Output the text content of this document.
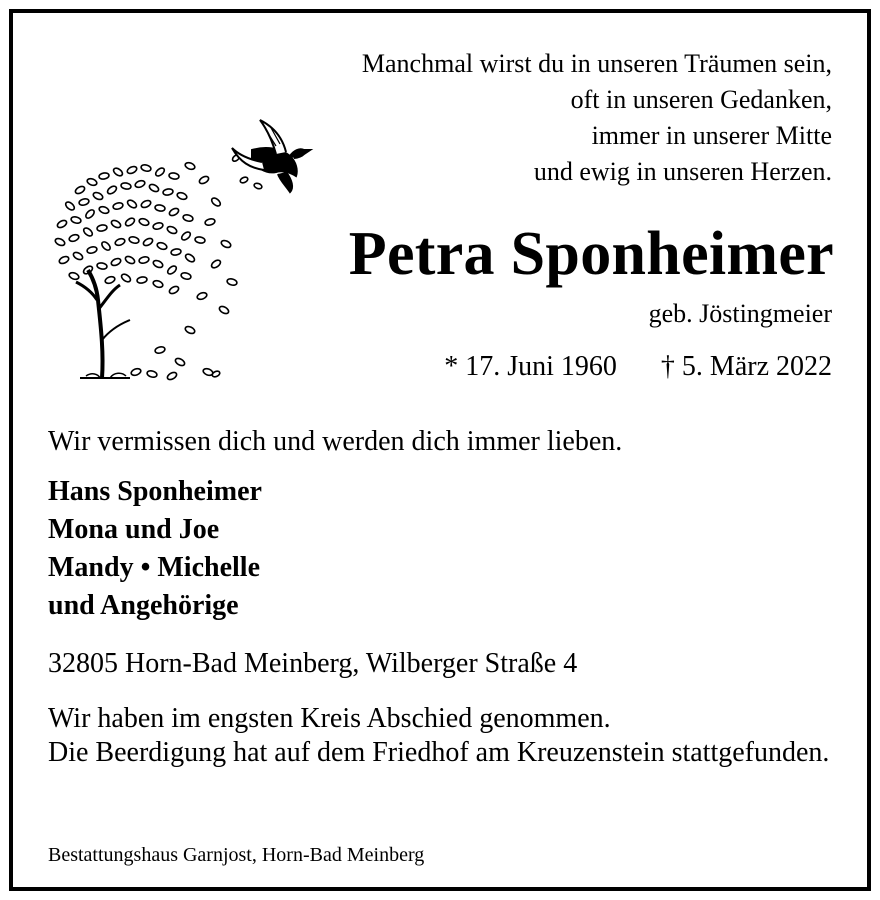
Manchmal wirst du in unseren Träumen sein,
oft in unseren Gedanken,
immer in unserer Mitte
und ewig in unseren Herzen.
Petra Sponheimer
geb. Jöstingmeier
* 17. Juni 1960 † 5. März 2022
Wir vermissen dich und werden dich immer lieben.
Hans Sponheimer
Mona und Joe
Mandy • Michelle
und Angehörige
32805 Horn-Bad Meinberg, Wilberger Straße 4
Wir haben im engsten Kreis Abschied genommen.
Die Beerdigung hat auf dem Friedhof am Kreuzenstein stattgefunden.
Bestattungshaus Garnjost, Horn-Bad Meinberg
